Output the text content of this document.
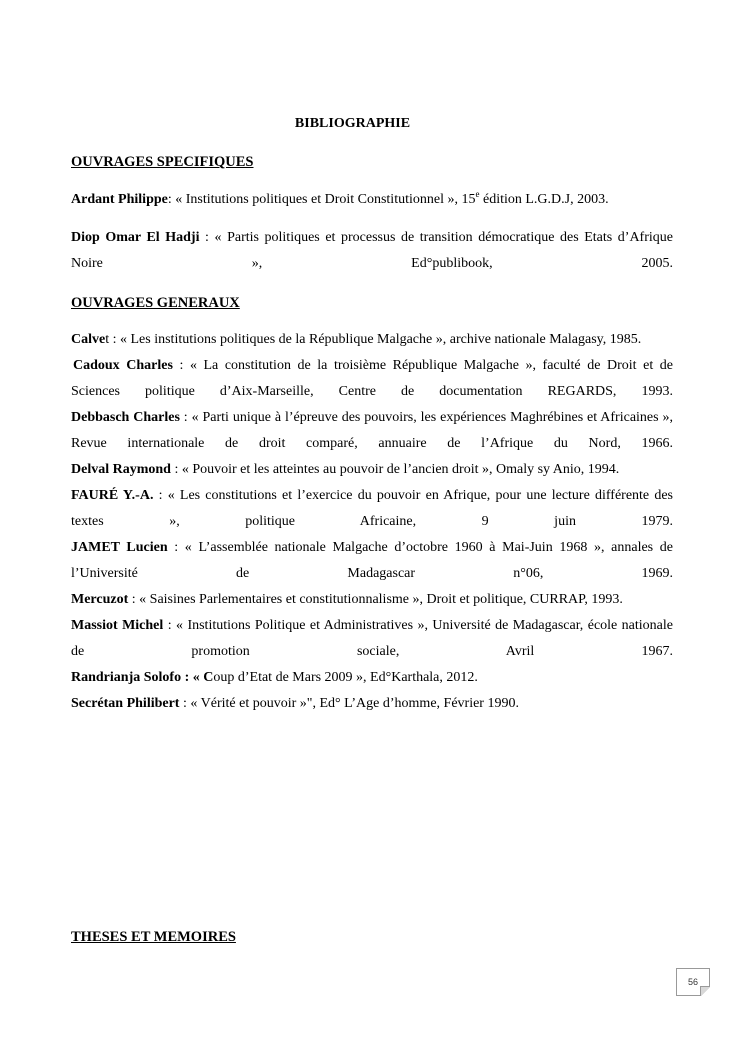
BIBLIOGRAPHIE
OUVRAGES SPECIFIQUES

Ardant Philippe: « Institutions politiques et Droit Constitutionnel », 15e édition L.G.D.J, 2003.

Diop Omar El Hadji : « Partis politiques et processus de transition démocratique des Etats d’Afrique Noire », Ed°publibook, 2005.

OUVRAGES GENERAUX

Calvet : « Les institutions politiques de la République Malgache », archive nationale Malagasy, 1985.

Cadoux Charles : « La constitution de la troisième République Malgache », faculté de Droit et de Sciences politique d’Aix-Marseille, Centre de documentation REGARDS, 1993.

Debbasch Charles : « Parti unique à l’épreuve des pouvoirs, les expériences Maghrébines et Africaines », Revue internationale de droit comparé, annuaire de l’Afrique du Nord, 1966.

Delval Raymond : « Pouvoir et les atteintes au pouvoir de l’ancien droit », Omaly sy Anio, 1994.

FAURÉ Y.-A. : « Les constitutions et l’exercice du pouvoir en Afrique, pour une lecture différente des textes », politique Africaine, 9 juin 1979.

JAMET Lucien : « L’assemblée nationale Malgache d’octobre 1960 à Mai-Juin 1968 », annales de l’Université de Madagascar n°06, 1969.

Mercuzot : « Saisines Parlementaires et constitutionnalisme », Droit et politique, CURRAP, 1993.

Massiot Michel : « Institutions Politique et Administratives », Université de Madagascar, école nationale de promotion sociale, Avril 1967.

Randrianja Solofo : « Coup d’Etat de Mars 2009 », Ed°Karthala, 2012.

Secrétan Philibert : « Vérité et pouvoir »", Ed° L’Age d’homme, Février 1990.

THESES ET MEMOIRES
56
